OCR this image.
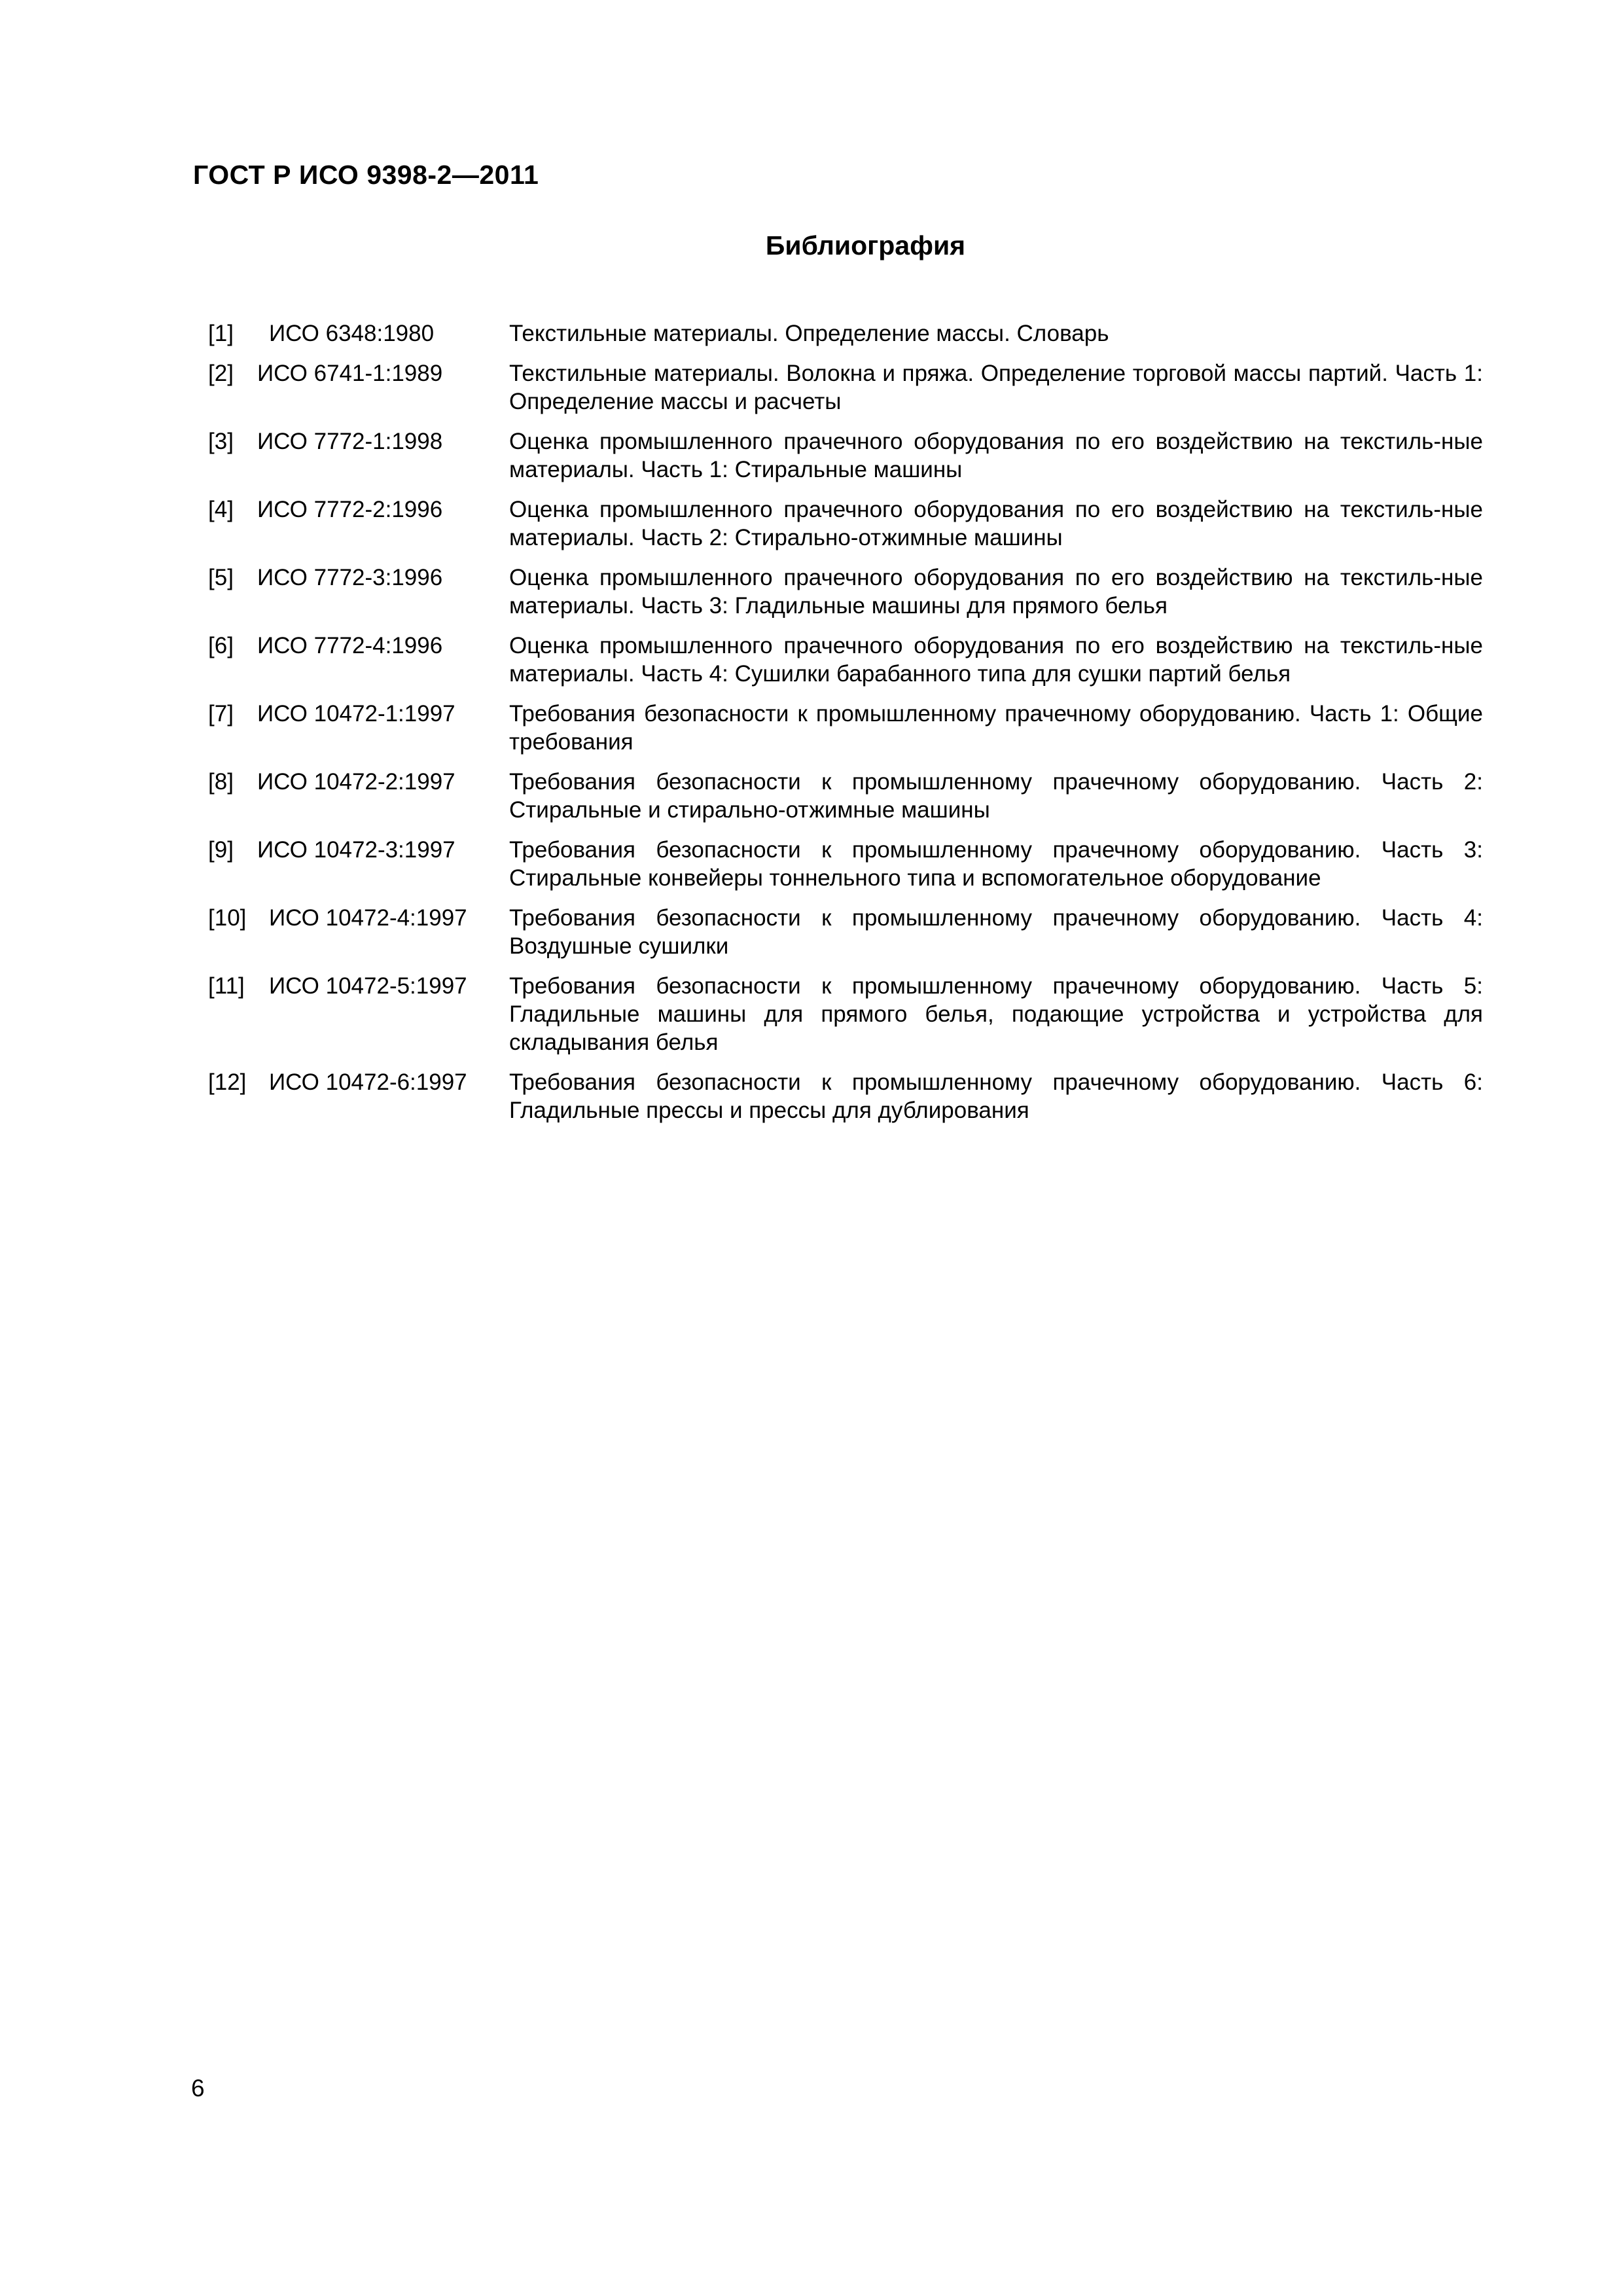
ГОСТ Р ИСО 9398-2—2011
Библиография
[1]	ИСО 6348:1980	Текстильные материалы. Определение массы. Словарь
[2]	ИСО 6741-1:1989	Текстильные материалы. Волокна и пряжа. Определение торговой массы партий. Часть 1: Определение массы и расчеты
[3]	ИСО 7772-1:1998	Оценка промышленного прачечного оборудования по его воздействию на текстиль-ные материалы. Часть 1: Стиральные машины
[4]	ИСО 7772-2:1996	Оценка промышленного прачечного оборудования по его воздействию на текстиль-ные материалы. Часть 2: Стирально-отжимные машины
[5]	ИСО 7772-3:1996	Оценка промышленного прачечного оборудования по его воздействию на текстиль-ные материалы. Часть 3: Гладильные машины для прямого белья
[6]	ИСО 7772-4:1996	Оценка промышленного прачечного оборудования по его воздействию на текстиль-ные материалы. Часть 4: Сушилки барабанного типа для сушки партий белья
[7]	ИСО 10472-1:1997 Требования безопасности к промышленному прачечному оборудованию. Часть 1: Общие требования
[8]	ИСО 10472-2:1997 Требования безопасности к промышленному прачечному оборудованию. Часть 2: Стиральные и стирально-отжимные машины
[9]	ИСО 10472-3:1997 Требования безопасности к промышленному прачечному оборудованию. Часть 3: Стиральные конвейеры тоннельного типа и вспомогательное оборудование
[10] ИСО 10472-4:1997 Требования безопасности к промышленному прачечному оборудованию. Часть 4: Воздушные сушилки
[11]	ИСО 10472-5:1997 Требования безопасности к промышленному прачечному оборудованию. Часть 5: Гладильные машины для прямого белья, подающие устройства и устройства для складывания белья
[12] ИСО 10472-6:1997 Требования безопасности к промышленному прачечному оборудованию. Часть 6: Гладильные прессы и прессы для дублирования
6
